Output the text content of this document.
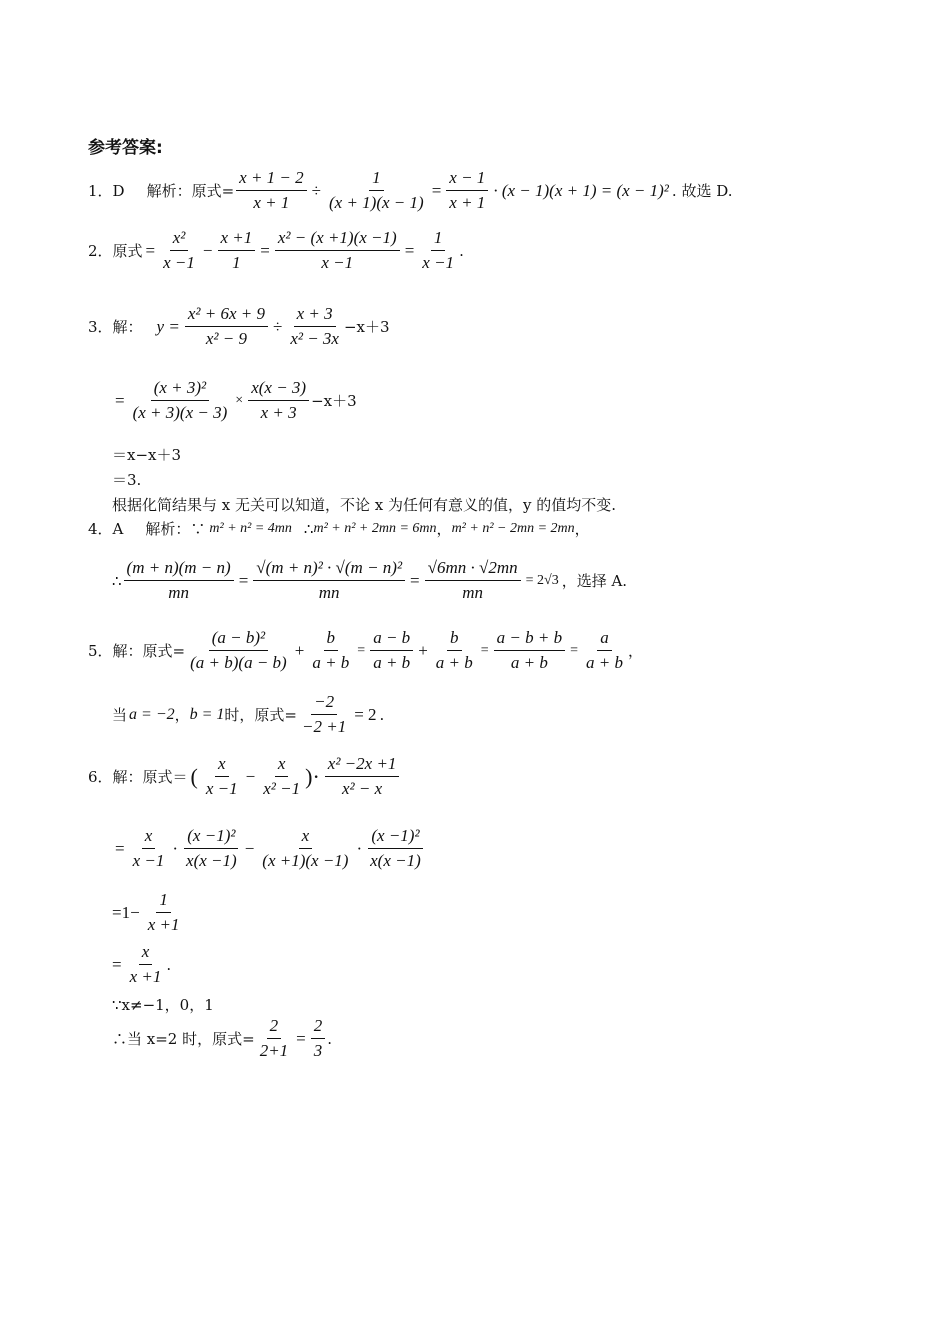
参考答案:
1．D 解析：原式= $\frac{x + 1 - 2}{x + 1} \div \frac{1}{(x + 1)(x - 1)} = \frac{x - 1}{x + 1} \cdot (x - 1)(x + 1) = (x - 1)^2$ . 故选 D.
2．原式 = $\frac{\text{x²}}{x -1} - \frac{x +1}{1} = \frac{\text{x² − (x +1)(x −1)}}{x -1} = \frac{1}{x -1}$ .
3．解： $y = \frac{\text{x² + 6x + 9}}{\text{x² − 9}} \div \frac{x + 3}{\text{x² − 3x}} -x+3$
= $\frac{\text{(x + 3)²}}{(x + 3)(x - 3)} \times \frac{x(x - 3)}{x + 3} -x+3$
＝x−x＋3
＝3.
根据化简结果与 x 无关可以知道，不论 x 为任何有意义的值，y 的值均不变.
4．A 解析：∵ m² + n² = 4mn ∴ m² + n² + 2mn = 6mn ， m² + n² − 2mn = 2mn ，
∴ $\frac{(m + n)(m - n)}{mn} = \frac{\text{√(m + n)² · √(m − n)²}}{mn} = \frac{√6mn \cdot √2mn}{mn} = 2√3$ ，选择 A.
5．解：原式= $\frac{\text{(a − b)²}}{(a + b)(a - b)} + \frac{b}{a + b} = \frac{a - b}{a + b} + \frac{b}{a + b} = \frac{a - b + b}{a + b} = \frac{a}{a + b}$ ，
当 a = −2 ， b = 1 时，原式= $\frac{-2}{-2 +1} = 2$ .
6．解：原式＝ ( $\frac{x}{x -1} - \frac{x}{\text{x² −1}}$ )· $\frac{\text{x² −2x +1}}{\text{x² − x}}$
= $\frac{x}{x -1} \cdot \frac{\text{(x −1)²}}{x(x -1)} - \frac{x}{(x +1)(x -1)} \cdot \frac{\text{(x −1)²}}{x(x -1)}$
$=1- \frac{1}{x +1}$
= $\frac{x}{x +1}$ .
∵x≠−1，0，1
∴当 x=2 时，原式= $\frac{2}{2+1} = \frac{2}{3}$ .
